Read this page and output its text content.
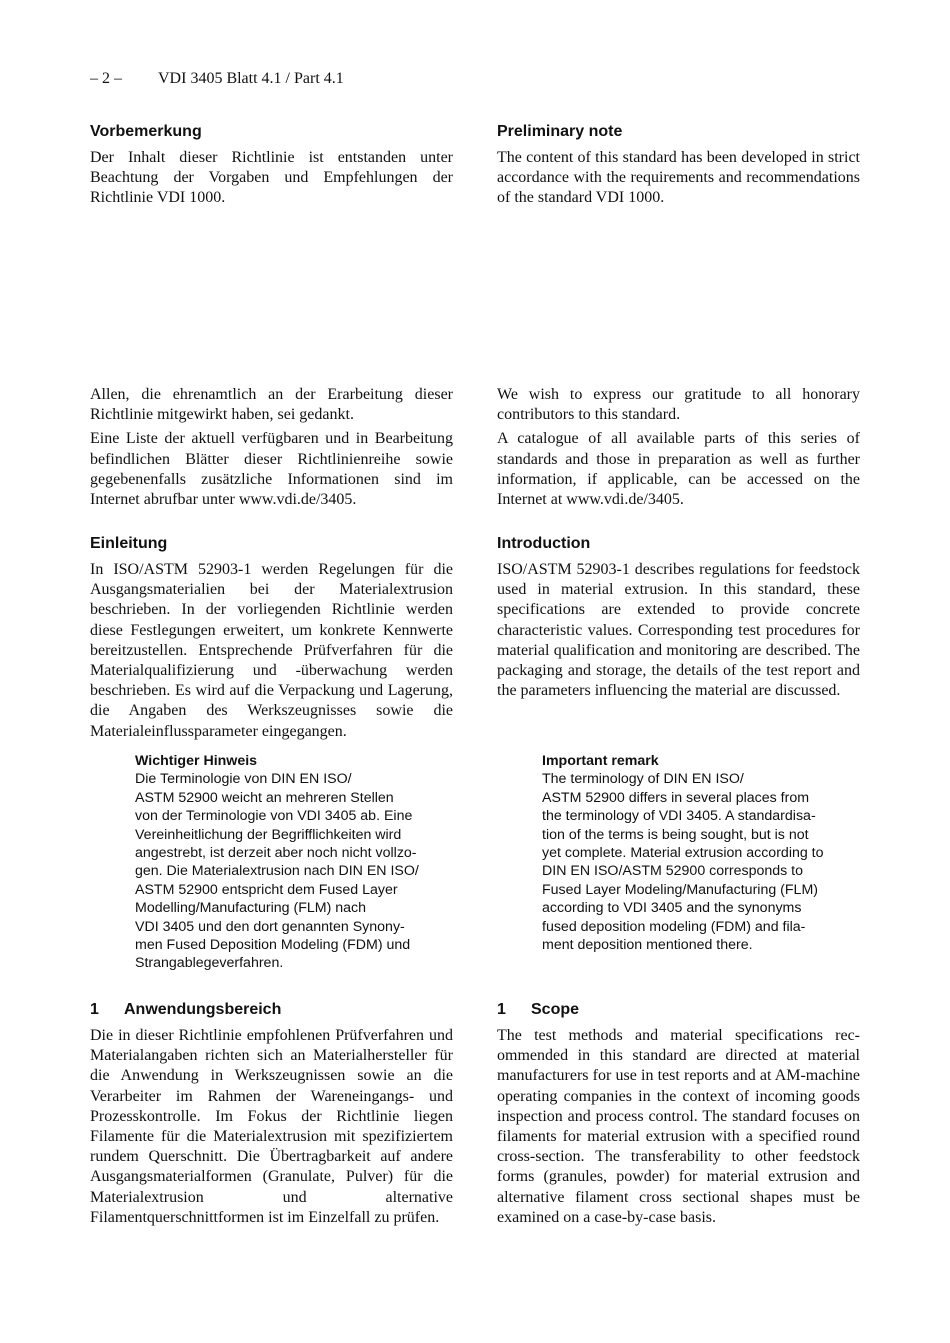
– 2 – VDI 3405 Blatt 4.1 / Part 4.1
Vorbemerkung

Der Inhalt dieser Richtlinie ist entstanden unter Beachtung der Vorgaben und Empfehlungen der Richtlinie VDI 1000.

Preliminary note

The content of this standard has been developed in strict accordance with the requirements and recommendations of the standard VDI 1000.

Allen, die ehrenamtlich an der Erarbeitung dieser Richtlinie mitgewirkt haben, sei gedankt.

Eine Liste der aktuell verfügbaren und in Bearbeitung befindlichen Blätter dieser Richtlinienreihe sowie gegebenenfalls zusätzliche Informationen sind im Internet abrufbar unter www.vdi.de/3405.

We wish to express our gratitude to all honorary contributors to this standard.

A catalogue of all available parts of this series of standards and those in preparation as well as further information, if applicable, can be accessed on the Internet at www.vdi.de/3405.

Einleitung

In ISO/ASTM 52903-1 werden Regelungen für die Ausgangsmaterialien bei der Materialextrusion beschrieben. In der vorliegenden Richtlinie werden diese Festlegungen erweitert, um konkrete Kennwerte bereitzustellen. Entsprechende Prüfverfahren für die Materialqualifizierung und -überwachung werden beschrieben. Es wird auf die Verpackung und Lagerung, die Angaben des Werkszeugnisses sowie die Materialeinflussparameter eingegangen.

Introduction

ISO/ASTM 52903-1 describes regulations for feedstock used in material extrusion. In this standard, these specifications are extended to provide concrete characteristic values. Corresponding test procedures for material qualification and monitoring are described. The packaging and storage, the details of the test report and the parameters influencing the material are discussed.

Wichtiger Hinweis
Die Terminologie von DIN EN ISO/
ASTM 52900 weicht an mehreren Stellen
von der Terminologie von VDI 3405 ab. Eine
Vereinheitlichung der Begrifflichkeiten wird
angestrebt, ist derzeit aber noch nicht vollzo-
gen. Die Materialextrusion nach DIN EN ISO/
ASTM 52900 entspricht dem Fused Layer
Modelling/Manufacturing (FLM) nach
VDI 3405 und den dort genannten Synony-
men Fused Deposition Modeling (FDM) und
Strangablegeverfahren.
Important remark
The terminology of DIN EN ISO/
ASTM 52900 differs in several places from
the terminology of VDI 3405. A standardisa-
tion of the terms is being sought, but is not
yet complete. Material extrusion according to
DIN EN ISO/ASTM 52900 corresponds to
Fused Layer Modeling/Manufacturing (FLM)
according to VDI 3405 and the synonyms
fused deposition modeling (FDM) and fila-
ment deposition mentioned there.
1 Anwendungsbereich

Die in dieser Richtlinie empfohlenen Prüfverfahren und Materialangaben richten sich an Materialhersteller für die Anwendung in Werkszeugnissen sowie an die Verarbeiter im Rahmen der Wareneingangs- und Prozesskontrolle. Im Fokus der Richtlinie liegen Filamente für die Materialextrusion mit spezifiziertem rundem Querschnitt. Die Übertragbarkeit auf andere Ausgangsmaterialformen (Granulate, Pulver) für die Materialextrusion und alternative Filamentquerschnittformen ist im Einzelfall zu prüfen.

1 Scope

The test methods and material specifications recommended in this standard are directed at material manufacturers for use in test reports and at AM-machine operating companies in the context of incoming goods inspection and process control. The standard focuses on filaments for material extrusion with a specified round cross-section. The transferability to other feedstock forms (granules, powder) for material extrusion and alternative filament cross sectional shapes must be examined on a case-by-case basis.
